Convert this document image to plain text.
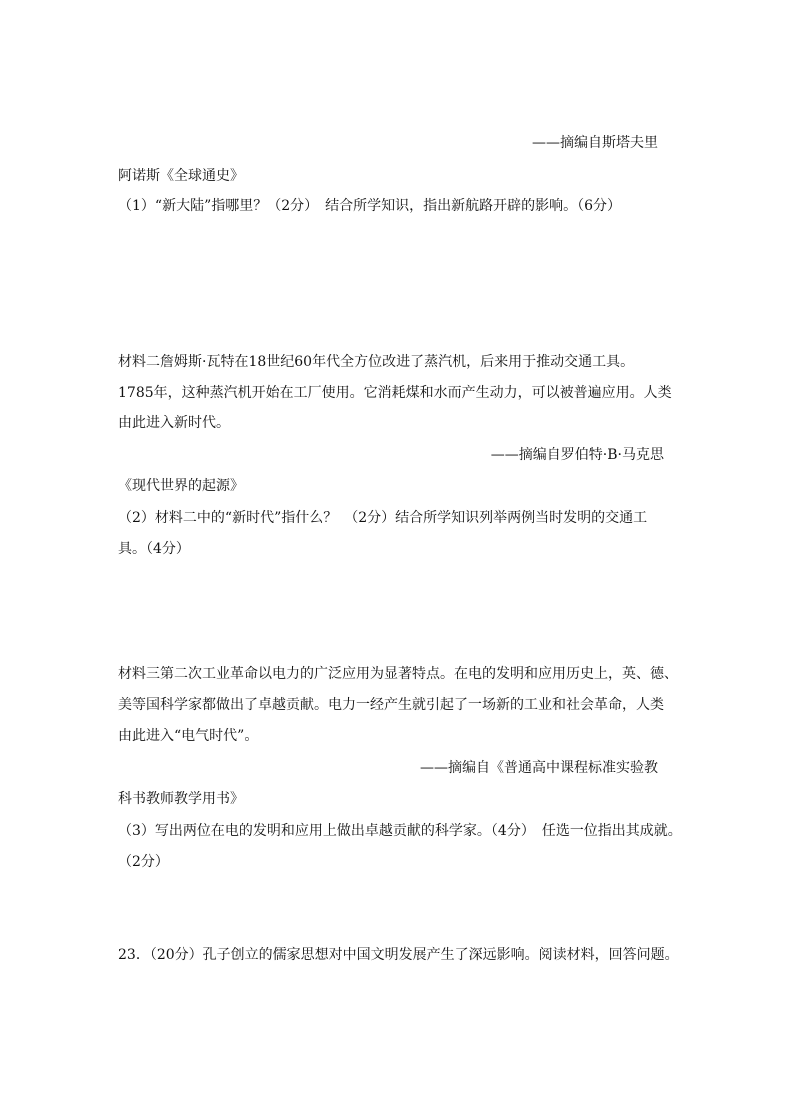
——摘编自斯塔夫里
阿诺斯《全球通史》
（1）“新大陆”指哪里？（2分）　结合所学知识，指出新航路开辟的影响。（6分）
材料二詹姆斯·瓦特在18世纪60年代全方位改进了蒸汽机，后来用于推动交通工具。
1785年，这种蒸汽机开始在工厂使用。它消耗煤和水而产生动力，可以被普遍应用。人类
由此进入新时代。
——摘编自罗伯特·B·马克思
《现代世界的起源》
（2）材料二中的“新时代”指什么？　（2分）结合所学知识列举两例当时发明的交通工
具。（4分）
材料三第二次工业革命以电力的广泛应用为显著特点。在电的发明和应用历史上，英、德、
美等国科学家都做出了卓越贡献。电力一经产生就引起了一场新的工业和社会革命，人类
由此进入“电气时代”。
——摘编自《普通高中课程标准实验教
科书教师教学用书》
（3）写出两位在电的发明和应用上做出卓越贡献的科学家。（4分）　任选一位指出其成就。
（2分）
23．（20分）孔子创立的儒家思想对中国文明发展产生了深远影响。阅读材料，回答问题。
